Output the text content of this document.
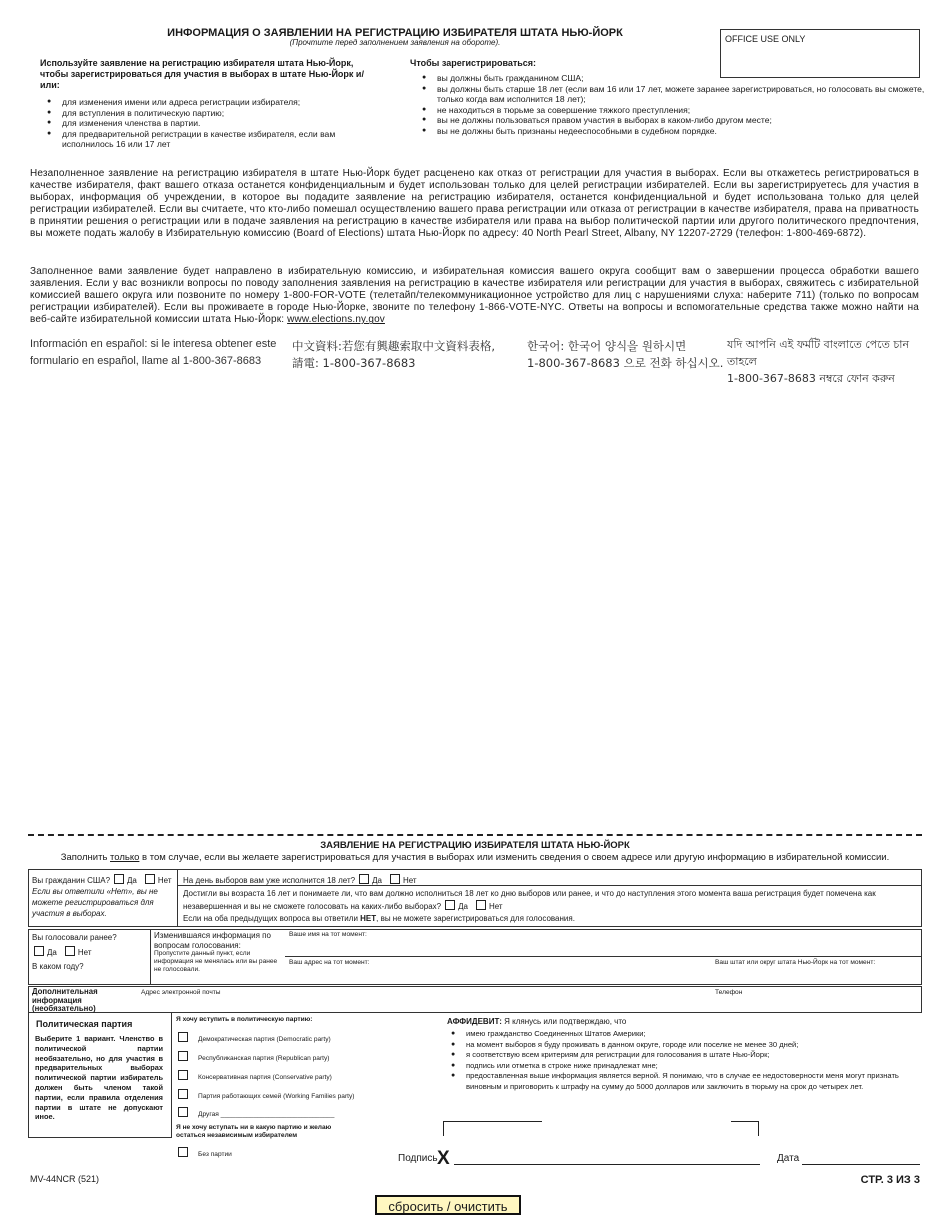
ИНФОРМАЦИЯ О ЗАЯВЛЕНИИ НА РЕГИСТРАЦИЮ ИЗБИРАТЕЛЯ ШТАТА НЬЮ-ЙОРК
(Прочтите перед заполнением заявления на обороте).	OFFICE USE ONLY
Используйте заявление на регистрацию избирателя штата Нью-Йорк, чтобы зарегистрироваться для участия в выборах в штате Нью-Йорк и/или:
● для изменения имени или адреса регистрации избирателя;
● для вступления в политическую партию;
● для изменения членства в партии.
● для предварительной регистрации в качестве избирателя, если вам исполнилось 16 или 17 лет
Чтобы зарегистрироваться:
● вы должны быть гражданином США;
● вы должны быть старше 18 лет (если вам 16 или 17 лет, можете заранее зарегистрироваться, но голосовать вы сможете, только когда вам исполнится 18 лет);
● не находиться в тюрьме за совершение тяжкого преступления;
● вы не должны пользоваться правом участия в выборах в каком-либо другом месте;
● вы не должны быть признаны недееспособными в судебном порядке.
Незаполненное заявление на регистрацию избирателя в штате Нью-Йорк будет расценено как отказ от регистрации для участия в выборах. Если вы откажетесь регистрироваться в качестве избирателя, факт вашего отказа останется конфиденциальным и будет использован только для целей регистрации избирателей. Если вы зарегистрируетесь для участия в выборах, информация об учреждении, в которое вы подадите заявление на регистрацию избирателя, останется конфиденциальной и будет использована только для целей регистрации избирателей. Если вы считаете, что кто-либо помешал осуществлению вашего права регистрации или отказа от регистрации в качестве избирателя, права на приватность в принятии решения о регистрации или в подаче заявления на регистрацию в качестве избирателя или права на выбор политической партии или другого политического предпочтения, вы можете подать жалобу в Избирательную комиссию (Board of Elections) штата Нью-Йорк по адресу: 40 North Pearl Street, Albany, NY 12207-2729 (телефон: 1-800-469-6872).
Заполненное вами заявление будет направлено в избирательную комиссию, и избирательная комиссия вашего округа сообщит вам о завершении процесса обработки вашего заявления. Если у вас возникли вопросы по поводу заполнения заявления на регистрацию в качестве избирателя или регистрации для участия в выборах, свяжитесь с избирательной комиссией вашего округа или позвоните по номеру 1-800-FOR-VOTE (телетайп/телекоммуникационное устройство для лиц с нарушениями слуха: наберите 711) (только по вопросам регистрации избирателей). Если вы проживаете в городе Нью-Йорке, звоните по телефону 1-866-VOTE-NYC. Ответы на вопросы и вспомогательные средства также можно найти на веб-сайте избирательной комиссии штата Нью-Йорк: www.elections.ny.gov
Información en español: si le interesa obtener este
formulario en español, llame al 1-800-367-8683
中文資料:若您有興趣索取中文資料表格,
請電: 1-800-367-8683
한국어: 한국어 양식을 원하시면
1-800-367-8683 으로 전화 하십시오.
যদি আপনি এই ফর্মটি বাংলাতে পেতে চান তাহলে
1-800-367-8683 নম্বরে ফোন করুন
ЗАЯВЛЕНИЕ НА РЕГИСТРАЦИЮ ИЗБИРАТЕЛЯ ШТАТА НЬЮ-ЙОРК
Заполнить только в том случае, если вы желаете зарегистрироваться для участия в выборах или изменить сведения о своем адресе или другую информацию в избирательной комиссии.
Вы гражданин США? Да	Нет
Если вы ответили «Нет», вы не можете регистрироваться для участия в выборах.
На день выборов вам уже исполнится 18 лет? Да	Нет
Достигли вы возраста 16 лет и понимаете ли, что вам должно исполниться 18 лет ко дню выборов или ранее, и что до наступления этого момента ваша регистрация будет помечена как незавершенная и вы не сможете голосовать на каких-либо выборах? Да	Нет
Если на оба предыдущих вопроса вы ответили НЕТ, вы не можете зарегистрироваться для голосования.
Вы голосовали ранее?
Да	Нет
В каком году?
Изменившаяся информация по вопросам голосования:
Пропустите данный пункт, если информация не менялась или вы ранее не голосовали.
Ваше имя на тот момент:
Ваш адрес на тот момент:	Ваш штат или округ штата Нью-Йорк на тот момент:
Дополнительная информация (необязательно)
Адрес электронной почты	Телефон
Политическая партия
Выберите 1 вариант. Членство в политической партии необязательно, но для участия в предварительных выборах политической партии избиратель должен быть членом такой партии, если правила отделения партии в штате не допускают иное.
Я хочу вступить в политическую партию:
Демократическая партия (Democratic party)
Республиканская партия (Republican party)
Консервативная партия (Conservative party)
Партия работающих семей (Working Families party)
Другая _______________________________
Я не хочу вступать ни в какую партию и желаю остаться независимым избирателем
Без партии
АФФИДЕВИТ: Я клянусь или подтверждаю, что
● имею гражданство Соединенных Штатов Америки;
● на момент выборов я буду проживать в данном округе, городе или поселке не менее 30 дней;
● я соответствую всем критериям для регистрации для голосования в штате Нью-Йорк;
● подпись или отметка в строке ниже принадлежат мне;
● предоставленная выше информация является верной. Я понимаю, что в случае ее недостоверности меня могут признать виновным и приговорить к штрафу на сумму до 5000 долларов или заключить в тюрьму на срок до четырех лет.
Подпись X	Дата
MV-44NCR (521)	СТР. 3 ИЗ 3
сбросить / очистить
